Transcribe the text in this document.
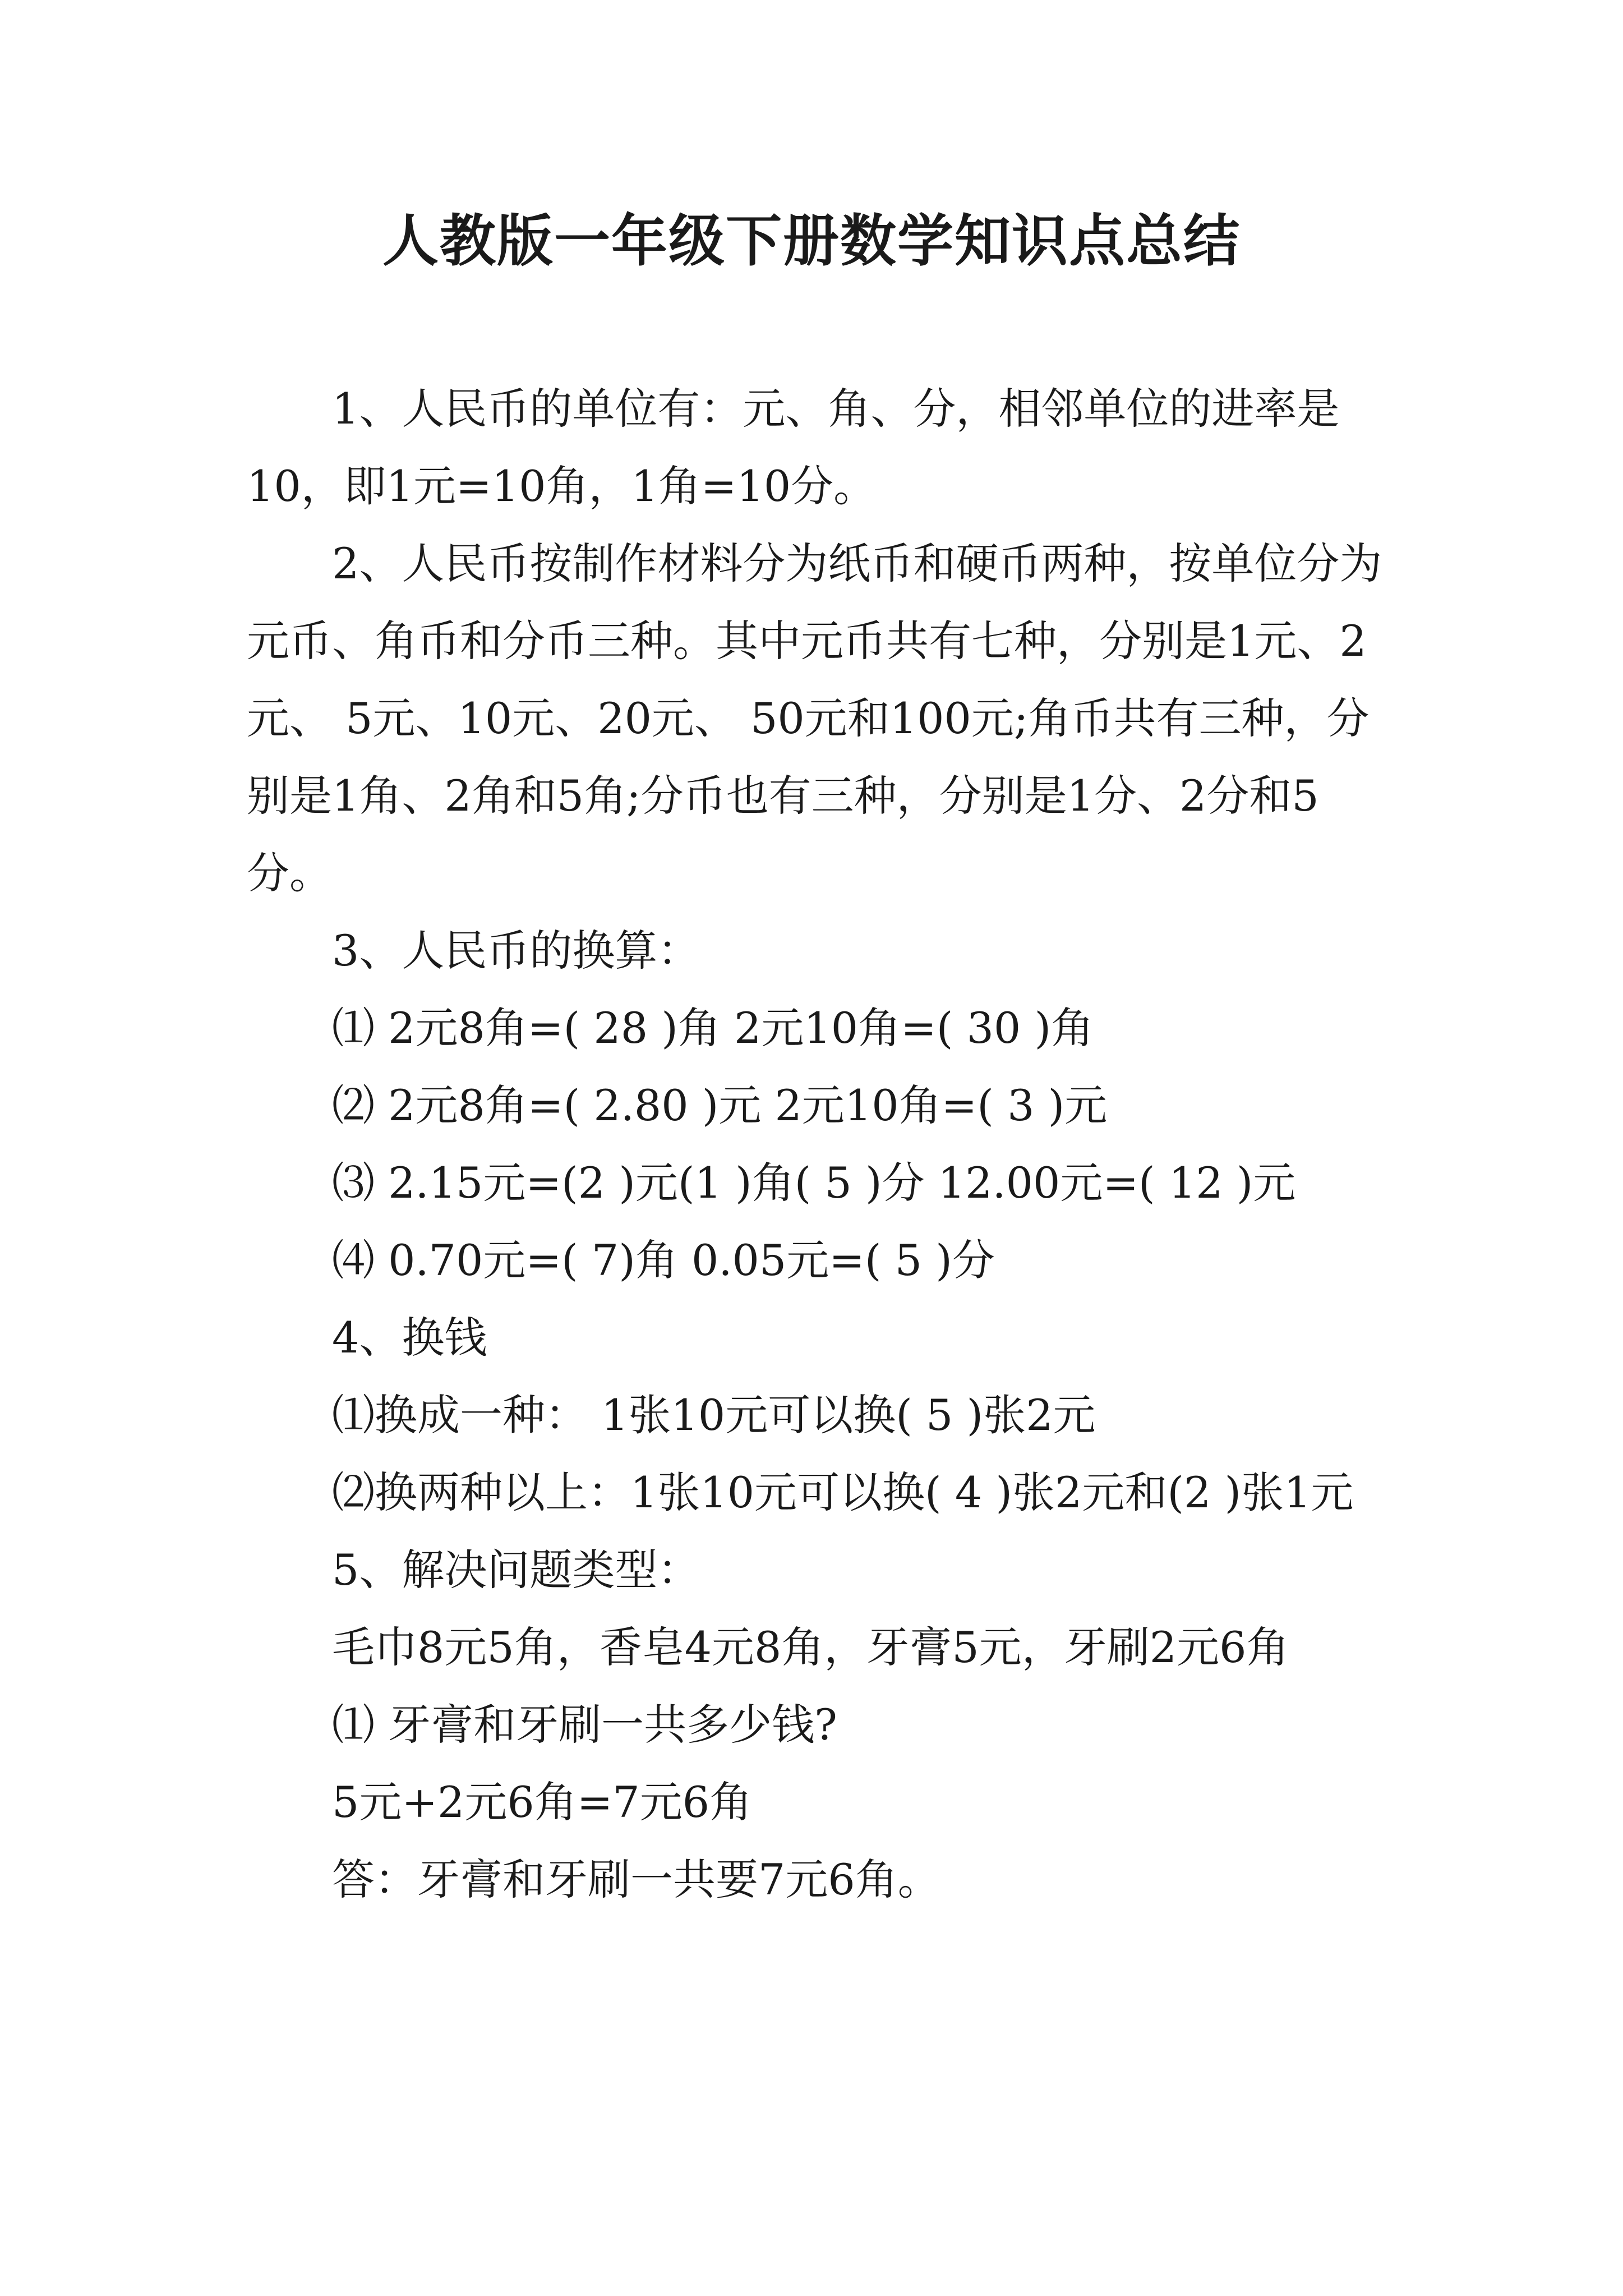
人教版一年级下册数学知识点总结

1、人民币的单位有：元、角、分，相邻单位的进率是10，即1元=10角，1角=10分。

2、人民币按制作材料分为纸币和硬币两种，按单位分为元币、角币和分币三种。其中元币共有七种，分别是1元、2元、 5元、10元、20元、 50元和100元;角币共有三种，分别是1角、2角和5角;分币也有三种，分别是1分、2分和5分。

3、人民币的换算：

⑴ 2元8角=( 28 )角 2元10角=( 30 )角

⑵ 2元8角=( 2.80 )元 2元10角=( 3 )元

⑶ 2.15元=(2 )元(1 )角( 5 )分 12.00元=( 12 )元

⑷ 0.70元=( 7)角 0.05元=( 5 )分

4、换钱

⑴换成一种： 1张10元可以换( 5 )张2元

⑵换两种以上：1张10元可以换( 4 )张2元和(2 )张1元

5、解决问题类型：

毛巾8元5角，香皂4元8角，牙膏5元，牙刷2元6角

⑴ 牙膏和牙刷一共多少钱?

5元+2元6角=7元6角

答：牙膏和牙刷一共要7元6角。
